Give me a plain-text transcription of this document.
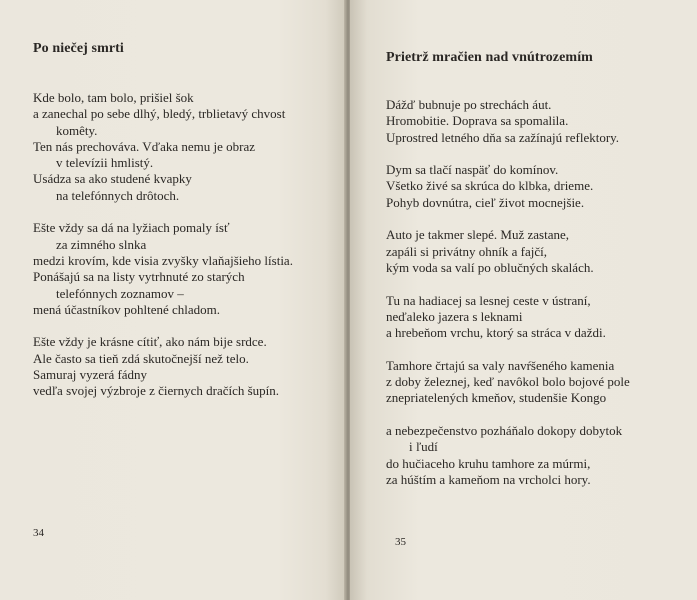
Po niečej smrti
Kde bolo, tam bolo, prišiel šok
a zanechal po sebe dlhý, bledý, trblietavý chvost
komêty.
Ten nás prechováva. Vďaka nemu je obraz
v televízii hmlistý.
Usádza sa ako studené kvapky
na telefónnych drôtoch.
Ešte vždy sa dá na lyžiach pomaly ísť
za zimného slnka
medzi krovím, kde visia zvyšky vlaňajšieho lístia.
Ponášajú sa na listy vytrhnuté zo starých
telefónnych zoznamov –
mená účastníkov pohltené chladom.
Ešte vždy je krásne cítiť, ako nám bije srdce.
Ale často sa tieň zdá skutočnejší než telo.
Samuraj vyzerá fádny
vedľa svojej výzbroje z čiernych dračích šupín.

34

Prietrž mračien nad vnútrozemím
Dážď bubnuje po strechách áut.
Hromobitie. Doprava sa spomalila.
Uprostred letného dňa sa zažínajú reflektory.
Dym sa tlačí naspäť do komínov.
Všetko živé sa skrúca do klbka, drieme.
Pohyb dovnútra, cieľ život mocnejšie.
Auto je takmer slepé. Muž zastane,
zapáli si privátny ohník a fajčí,
kým voda sa valí po oblučných skalách.
Tu na hadiacej sa lesnej ceste v ústraní,
neďaleko jazera s leknami
a hrebeňom vrchu, ktorý sa stráca v daždi.
Tamhore črtajú sa valy navŕšeného kamenia
z doby železnej, keď navôkol bolo bojové pole
znepriatelených kmeňov, studenšie Kongo
a nebezpečenstvo pozháňalo dokopy dobytok
i ľudí
do hučiaceho kruhu tamhore za múrmi,
za húštím a kameňom na vrcholci hory.

35
